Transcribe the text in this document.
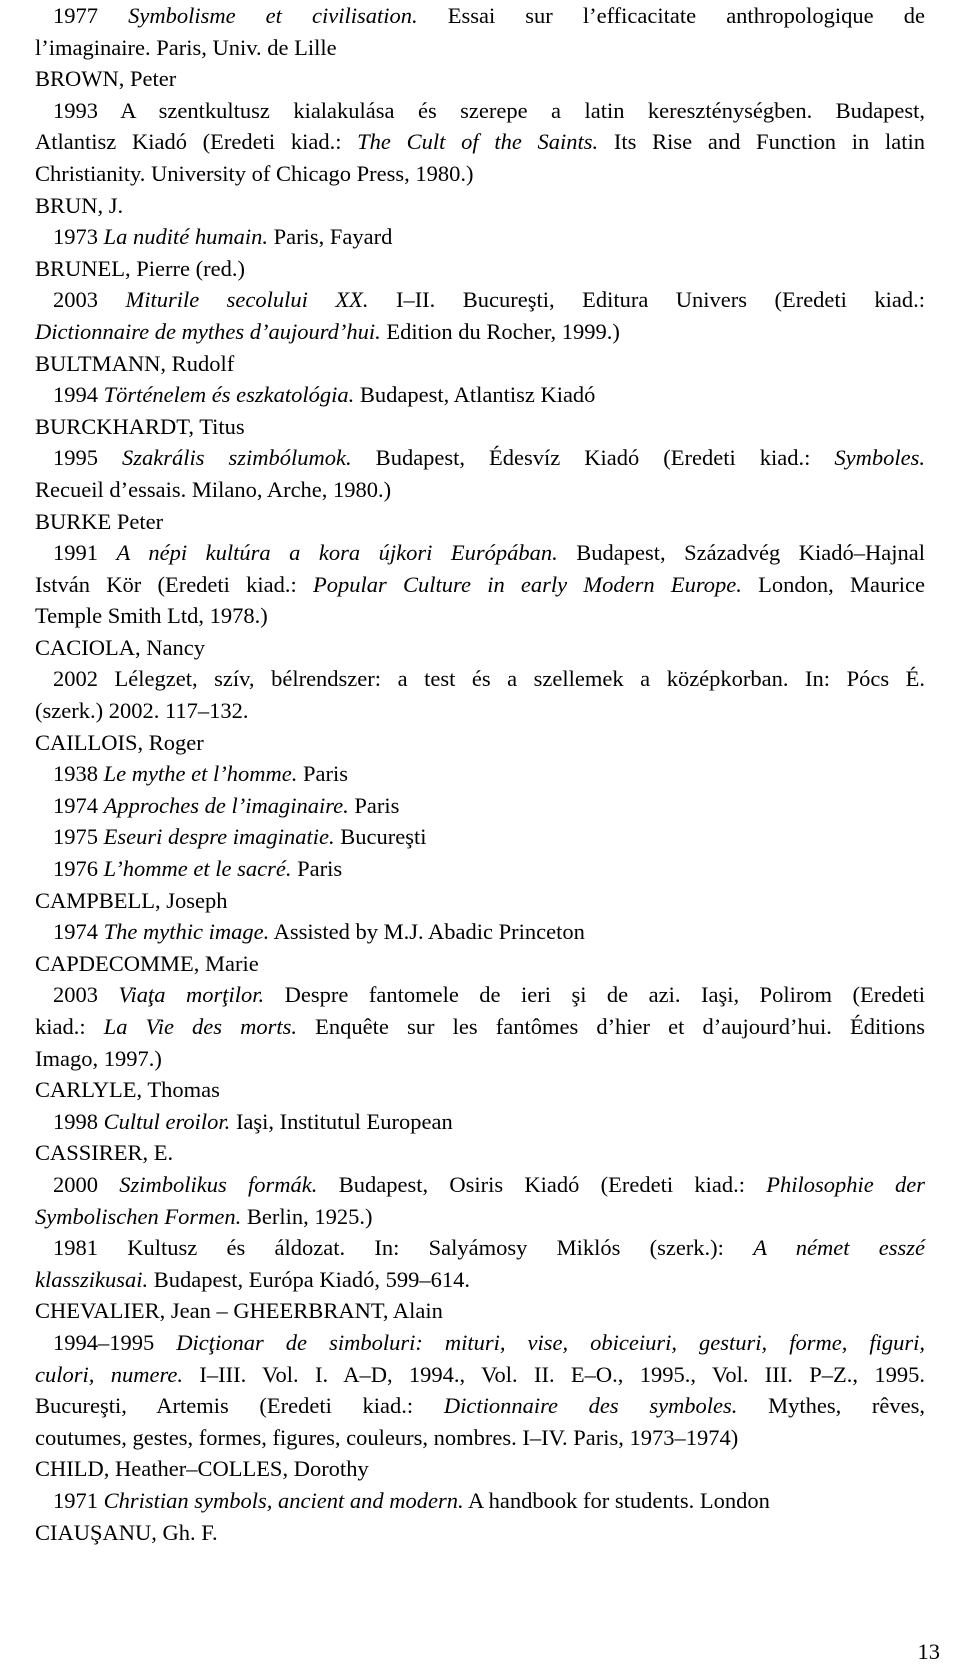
1977 Symbolisme et civilisation. Essai sur l’efficacitate anthropologique de
l’imaginaire. Paris, Univ. de Lille
BROWN, Peter
1993 A szentkultusz kialakulása és szerepe a latin kereszténységben. Budapest,
Atlantisz Kiadó (Eredeti kiad.: The Cult of the Saints. Its Rise and Function in latin
Christianity. University of Chicago Press, 1980.)
BRUN, J.
1973 La nudité humain. Paris, Fayard
BRUNEL, Pierre (red.)
2003 Miturile secolului XX. I–II. Bucureşti, Editura Univers (Eredeti kiad.:
Dictionnaire de mythes d’aujourd’hui. Edition du Rocher, 1999.)
BULTMANN, Rudolf
1994 Történelem és eszkatológia. Budapest, Atlantisz Kiadó
BURCKHARDT, Titus
1995 Szakrális szimbólumok. Budapest, Édesvíz Kiadó (Eredeti kiad.: Symboles.
Recueil d’essais. Milano, Arche, 1980.)
BURKE Peter
1991 A népi kultúra a kora újkori Európában. Budapest, Századvég Kiadó–Hajnal
István Kör (Eredeti kiad.: Popular Culture in early Modern Europe. London, Maurice
Temple Smith Ltd, 1978.)
CACIOLA, Nancy
2002 Lélegzet, szív, bélrendszer: a test és a szellemek a középkorban. In: Pócs É.
(szerk.) 2002. 117–132.
CAILLOIS, Roger
1938 Le mythe et l’homme. Paris
1974 Approches de l’imaginaire. Paris
1975 Eseuri despre imaginatie. Bucureşti
1976 L’homme et le sacré. Paris
CAMPBELL, Joseph
1974 The mythic image. Assisted by M.J. Abadic Princeton
CAPDECOMME, Marie
2003 Viaţa morţilor. Despre fantomele de ieri şi de azi. Iaşi, Polirom (Eredeti
kiad.: La Vie des morts. Enquête sur les fantômes d’hier et d’aujourd’hui. Éditions
Imago, 1997.)
CARLYLE, Thomas
1998 Cultul eroilor. Iaşi, Institutul European
CASSIRER, E.
2000 Szimbolikus formák. Budapest, Osiris Kiadó (Eredeti kiad.: Philosophie der
Symbolischen Formen. Berlin, 1925.)
1981 Kultusz és áldozat. In: Salyámosy Miklós (szerk.): A német esszé
klasszikusai. Budapest, Európa Kiadó, 599–614.
CHEVALIER, Jean – GHEERBRANT, Alain
1994–1995 Dicţionar de simboluri: mituri, vise, obiceiuri, gesturi, forme, figuri,
culori, numere. I–III. Vol. I. A–D, 1994., Vol. II. E–O., 1995., Vol. III. P–Z., 1995.
Bucureşti, Artemis (Eredeti kiad.: Dictionnaire des symboles. Mythes, rêves,
coutumes, gestes, formes, figures, couleurs, nombres. I–IV. Paris, 1973–1974)
CHILD, Heather–COLLES, Dorothy
1971 Christian symbols, ancient and modern. A handbook for students. London
CIAUŞANU, Gh. F.
13
